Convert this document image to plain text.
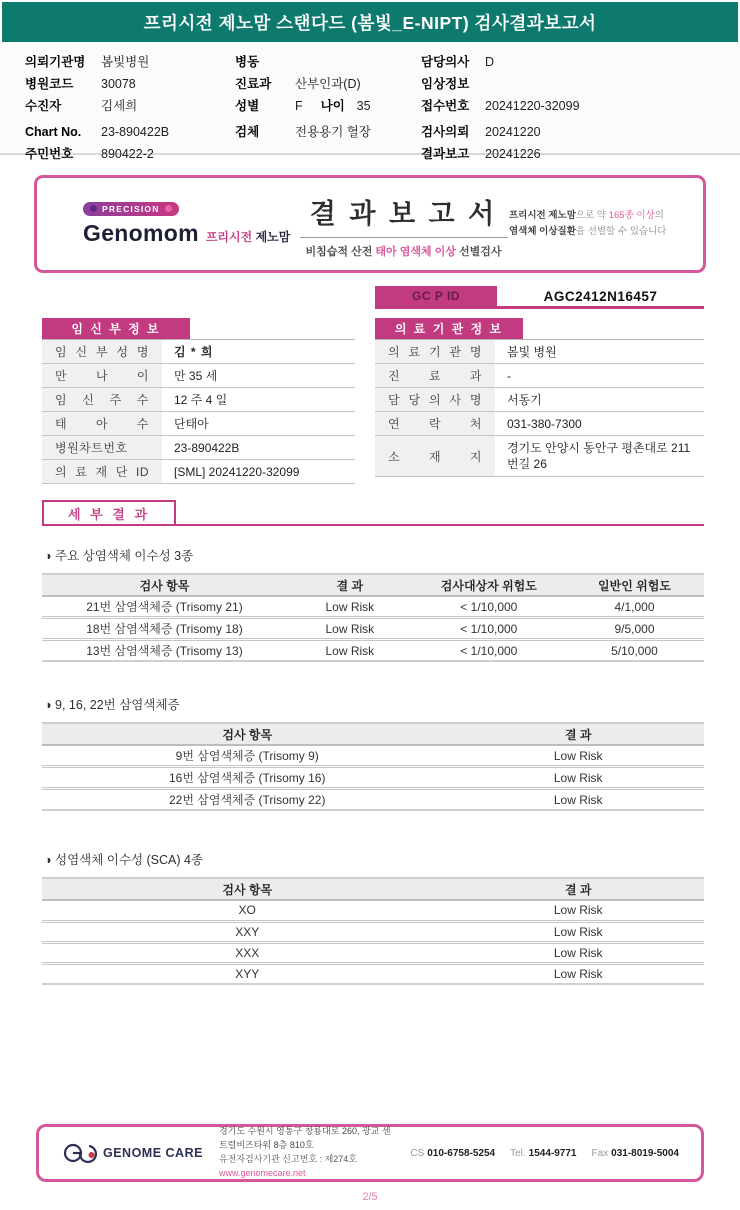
프리시전 제노맘 스탠다드 (봄빛_E-NIPT) 검사결과보고서
의뢰기관명 봄빛병원
병원코드 30078
수진자	김세희
Chart No. 23-890422B
주민번호 890422-2
병동
진료과 산부인과(D)
성별	F 나이 35
검체	전용용기 혈장
담당의사 D
임상정보
접수번호 20241220-32099
검사의뢰 20241220
결과보고 20241226
PRECISION
Genomom 프리시전 제노맘
결 과 보 고 서
비침습적 산전 태아 염색체 이상 선별검사
프리시전 제노맘으로 약 165종 이상의
염색체 이상질환을 선별할 수 있습니다
GC P ID	AGC2412N16457
임 신 부 정 보
임 신 부 성 명	김 * 희
만 나 이	만 35 세
임 신 주 수	12 주 4 일
태 아 수	단태아
병원차트번호	23-890422B
의 료 재 단 ID	[SML] 20241220-32099
의 료 기 관 정 보
의 료 기 관 명	봄빛 병원
진 료 과	-
담 당 의 사 명	서동기
연 락 처	031-380-7300
소 재 지	경기도 안양시 동안구 평촌대로 211번길 26
세 부 결 과
◑ 주요 상염색체 이수성 3종
검사 항목	결 과	검사대상자 위험도	일반인 위험도
21번 삼염색체증 (Trisomy 21)	Low Risk	< 1/10,000	4/1,000
18번 삼염색체증 (Trisomy 18)	Low Risk	< 1/10,000	9/5,000
13번 삼염색체증 (Trisomy 13)	Low Risk	< 1/10,000	5/10,000
◑ 9, 16, 22번 삼염색체증
검사 항목	결 과
9번 삼염색체증 (Trisomy 9)	Low Risk
16번 삼염색체증 (Trisomy 16)	Low Risk
22번 삼염색체증 (Trisomy 22)	Low Risk
◑ 성염색체 이수성 (SCA) 4종
검사 항목	결 과
XO	Low Risk
XXY	Low Risk
XXX	Low Risk
XYY	Low Risk
GENOME CARE
경기도 수원시 영통구 창룡대로 260, 광교 센트럴비즈타워 8층 810호
유전자검사기관 신고번호 : 제274호
www.genomecare.net
CS 010-6758-5254 Tel. 1544-9771 Fax 031-8019-5004
2/5
